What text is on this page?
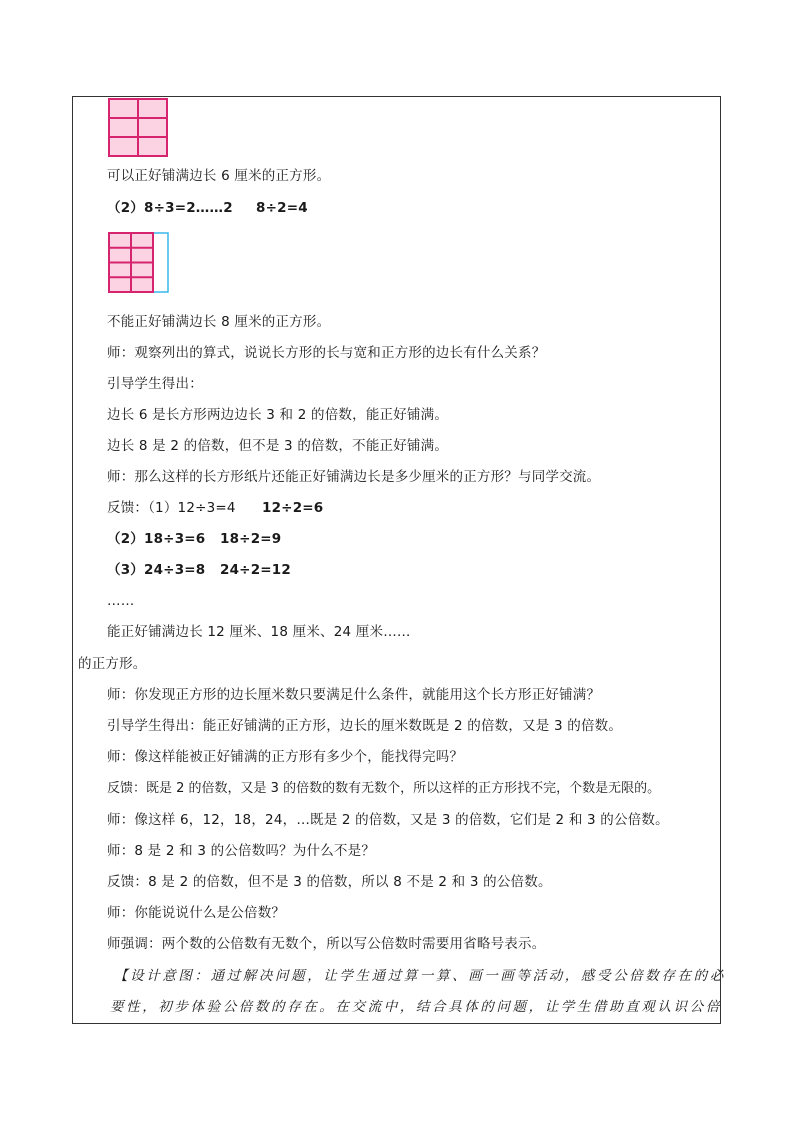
可以正好铺满边长 6 厘米的正方形。
（2）8÷3=2……2 8÷2=4
不能正好铺满边长 8 厘米的正方形。
师：观察列出的算式，说说长方形的长与宽和正方形的边长有什么关系？
引导学生得出：
边长 6 是长方形两边边长 3 和 2 的倍数，能正好铺满。
边长 8 是 2 的倍数，但不是 3 的倍数，不能正好铺满。
师：那么这样的长方形纸片还能正好铺满边长是多少厘米的正方形？与同学交流。
反馈：（1）12÷3=4 12÷2=6
（2）18÷3=6 18÷2=9
（3）24÷3=8 24÷2=12
……
能正好铺满边长 12 厘米、18 厘米、24 厘米……
的正方形。
师：你发现正方形的边长厘米数只要满足什么条件，就能用这个长方形正好铺满？
引导学生得出：能正好铺满的正方形，边长的厘米数既是 2 的倍数，又是 3 的倍数。
师：像这样能被正好铺满的正方形有多少个，能找得完吗？
反馈：既是 2 的倍数，又是 3 的倍数的数有无数个，所以这样的正方形找不完，个数是无限的。
师：像这样 6，12，18，24，…既是 2 的倍数，又是 3 的倍数，它们是 2 和 3 的公倍数。
师：8 是 2 和 3 的公倍数吗？为什么不是？
反馈：8 是 2 的倍数，但不是 3 的倍数，所以 8 不是 2 和 3 的公倍数。
师：你能说说什么是公倍数？
师强调：两个数的公倍数有无数个，所以写公倍数时需要用省略号表示。
【设计意图：通过解决问题，让学生通过算一算、画一画等活动，感受公倍数存在的必
要性，初步体验公倍数的存在。在交流中，结合具体的问题，让学生借助直观认识公倍
